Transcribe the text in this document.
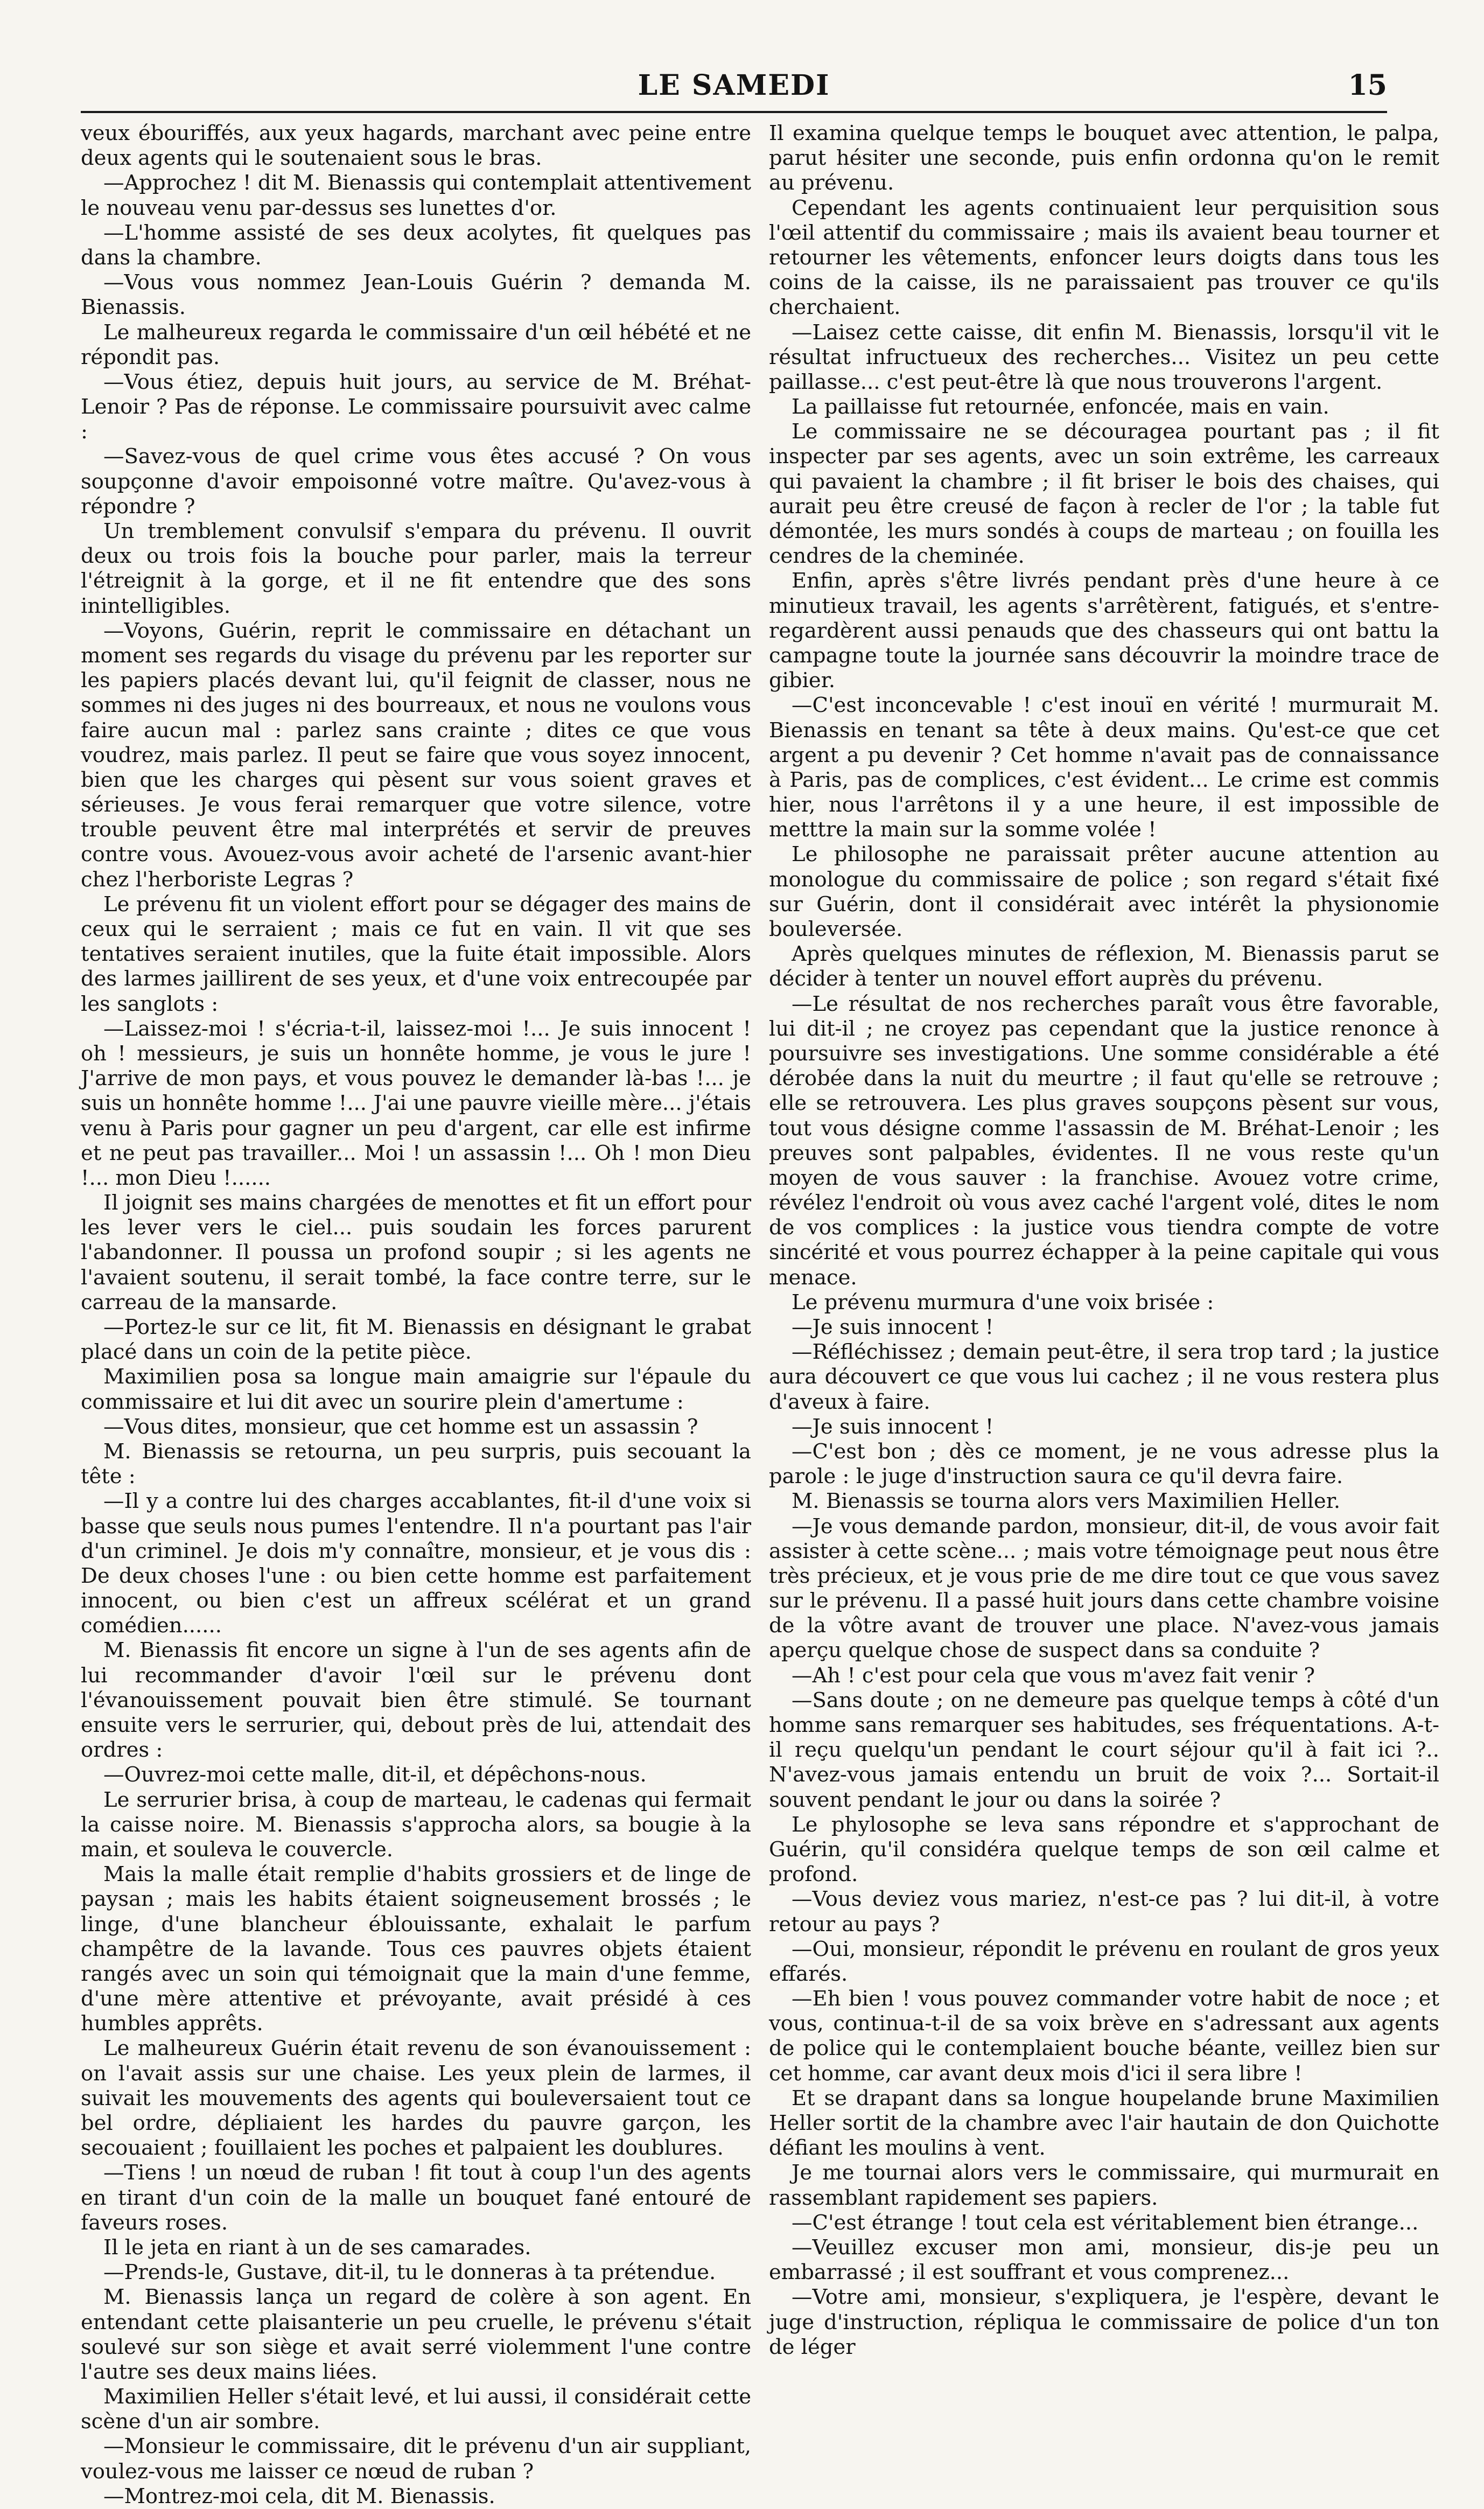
LE SAMEDI	15

veux ébouriffés, aux yeux hagards, marchant avec peine entre deux agents qui le soutenaient sous le bras.

—Approchez ! dit M. Bienassis qui contemplait attentivement le nouveau venu par-dessus ses lunettes d'or.

—L'homme assisté de ses deux acolytes, fit quelques pas dans la chambre.

—Vous vous nommez Jean-Louis Guérin ? demanda M. Bienassis.

Le malheureux regarda le commissaire d'un œil hébété et ne répondit pas.

—Vous étiez, depuis huit jours, au service de M. Bréhat-Lenoir ? Pas de réponse. Le commissaire poursuivit avec calme :

—Savez-vous de quel crime vous êtes accusé ? On vous soupçonne d'avoir empoisonné votre maître. Qu'avez-vous à répondre ?

Un tremblement convulsif s'empara du prévenu. Il ouvrit deux ou trois fois la bouche pour parler, mais la terreur l'étreignit à la gorge, et il ne fit entendre que des sons inintelligibles.

—Voyons, Guérin, reprit le commissaire en détachant un moment ses regards du visage du prévenu par les reporter sur les papiers placés devant lui, qu'il feignit de classer, nous ne sommes ni des juges ni des bourreaux, et nous ne voulons vous faire aucun mal : parlez sans crainte ; dites ce que vous voudrez, mais parlez. Il peut se faire que vous soyez innocent, bien que les charges qui pèsent sur vous soient graves et sérieuses. Je vous ferai remarquer que votre silence, votre trouble peuvent être mal interprétés et servir de preuves contre vous. Avouez-vous avoir acheté de l'arsenic avant-hier chez l'herboriste Legras ?

Le prévenu fit un violent effort pour se dégager des mains de ceux qui le serraient ; mais ce fut en vain. Il vit que ses tentatives seraient inutiles, que la fuite était impossible. Alors des larmes jaillirent de ses yeux, et d'une voix entrecoupée par les sanglots :

—Laissez-moi ! s'écria-t-il, laissez-moi !... Je suis innocent ! oh ! messieurs, je suis un honnête homme, je vous le jure ! J'arrive de mon pays, et vous pouvez le demander là-bas !... je suis un honnête homme !... J'ai une pauvre vieille mère... j'étais venu à Paris pour gagner un peu d'argent, car elle est infirme et ne peut pas travailler... Moi ! un assassin !... Oh ! mon Dieu !... mon Dieu !......

Il joignit ses mains chargées de menottes et fit un effort pour les lever vers le ciel... puis soudain les forces parurent l'abandonner. Il poussa un profond soupir ; si les agents ne l'avaient soutenu, il serait tombé, la face contre terre, sur le carreau de la mansarde.

—Portez-le sur ce lit, fit M. Bienassis en désignant le grabat placé dans un coin de la petite pièce.

Maximilien posa sa longue main amaigrie sur l'épaule du commissaire et lui dit avec un sourire plein d'amertume :

—Vous dites, monsieur, que cet homme est un assassin ?

M. Bienassis se retourna, un peu surpris, puis secouant la tête :

—Il y a contre lui des charges accablantes, fit-il d'une voix si basse que seuls nous pumes l'entendre. Il n'a pourtant pas l'air d'un criminel. Je dois m'y connaître, monsieur, et je vous dis : De deux choses l'une : ou bien cette homme est parfaitement innocent, ou bien c'est un affreux scélérat et un grand comédien......

M. Bienassis fit encore un signe à l'un de ses agents afin de lui recommander d'avoir l'œil sur le prévenu dont l'évanouissement pouvait bien être stimulé. Se tournant ensuite vers le serrurier, qui, debout près de lui, attendait des ordres :

—Ouvrez-moi cette malle, dit-il, et dépêchons-nous.

Le serrurier brisa, à coup de marteau, le cadenas qui fermait la caisse noire. M. Bienassis s'approcha alors, sa bougie à la main, et souleva le couvercle.

Mais la malle était remplie d'habits grossiers et de linge de paysan ; mais les habits étaient soigneusement brossés ; le linge, d'une blancheur éblouissante, exhalait le parfum champêtre de la lavande. Tous ces pauvres objets étaient rangés avec un soin qui témoignait que la main d'une femme, d'une mère attentive et prévoyante, avait présidé à ces humbles apprêts.

Le malheureux Guérin était revenu de son évanouissement : on l'avait assis sur une chaise. Les yeux plein de larmes, il suivait les mouvements des agents qui bouleversaient tout ce bel ordre, dépliaient les hardes du pauvre garçon, les secouaient ; fouillaient les poches et palpaient les doublures.

—Tiens ! un nœud de ruban ! fit tout à coup l'un des agents en tirant d'un coin de la malle un bouquet fané entouré de faveurs roses.

Il le jeta en riant à un de ses camarades.

—Prends-le, Gustave, dit-il, tu le donneras à ta prétendue.

M. Bienassis lança un regard de colère à son agent. En entendant cette plaisanterie un peu cruelle, le prévenu s'était soulevé sur son siège et avait serré violemment l'une contre l'autre ses deux mains liées.

Maximilien Heller s'était levé, et lui aussi, il considérait cette scène d'un air sombre.

—Monsieur le commissaire, dit le prévenu d'un air suppliant, voulez-vous me laisser ce nœud de ruban ?

—Montrez-moi cela, dit M. Bienassis.

Il examina quelque temps le bouquet avec attention, le palpa, parut hésiter une seconde, puis enfin ordonna qu'on le remit au prévenu.

Cependant les agents continuaient leur perquisition sous l'œil attentif du commissaire ; mais ils avaient beau tourner et retourner les vêtements, enfoncer leurs doigts dans tous les coins de la caisse, ils ne paraissaient pas trouver ce qu'ils cherchaient.

—Laisez cette caisse, dit enfin M. Bienassis, lorsqu'il vit le résultat infructueux des recherches... Visitez un peu cette paillasse... c'est peut-être là que nous trouverons l'argent.

La paillaisse fut retournée, enfoncée, mais en vain.

Le commissaire ne se découragea pourtant pas ; il fit inspecter par ses agents, avec un soin extrême, les carreaux qui pavaient la chambre ; il fit briser le bois des chaises, qui aurait peu être creusé de façon à recler de l'or ; la table fut démontée, les murs sondés à coups de marteau ; on fouilla les cendres de la cheminée.

Enfin, après s'être livrés pendant près d'une heure à ce minutieux travail, les agents s'arrêtèrent, fatigués, et s'entre-regardèrent aussi penauds que des chasseurs qui ont battu la campagne toute la journée sans découvrir la moindre trace de gibier.

—C'est inconcevable ! c'est inouï en vérité ! murmurait M. Bienassis en tenant sa tête à deux mains. Qu'est-ce que cet argent a pu devenir ? Cet homme n'avait pas de connaissance à Paris, pas de complices, c'est évident... Le crime est commis hier, nous l'arrêtons il y a une heure, il est impossible de metttre la main sur la somme volée !

Le philosophe ne paraissait prêter aucune attention au monologue du commissaire de police ; son regard s'était fixé sur Guérin, dont il considérait avec intérêt la physionomie bouleversée.

Après quelques minutes de réflexion, M. Bienassis parut se décider à tenter un nouvel effort auprès du prévenu.

—Le résultat de nos recherches paraît vous être favorable, lui dit-il ; ne croyez pas cependant que la justice renonce à poursuivre ses investigations. Une somme considérable a été dérobée dans la nuit du meurtre ; il faut qu'elle se retrouve ; elle se retrouvera. Les plus graves soupçons pèsent sur vous, tout vous désigne comme l'assassin de M. Bréhat-Lenoir ; les preuves sont palpables, évidentes. Il ne vous reste qu'un moyen de vous sauver : la franchise. Avouez votre crime, révélez l'endroit où vous avez caché l'argent volé, dites le nom de vos complices : la justice vous tiendra compte de votre sincérité et vous pourrez échapper à la peine capitale qui vous menace.

Le prévenu murmura d'une voix brisée :

—Je suis innocent !

—Réfléchissez ; demain peut-être, il sera trop tard ; la justice aura découvert ce que vous lui cachez ; il ne vous restera plus d'aveux à faire.

—Je suis innocent !

—C'est bon ; dès ce moment, je ne vous adresse plus la parole : le juge d'instruction saura ce qu'il devra faire.

M. Bienassis se tourna alors vers Maximilien Heller.

—Je vous demande pardon, monsieur, dit-il, de vous avoir fait assister à cette scène... ; mais votre témoignage peut nous être très précieux, et je vous prie de me dire tout ce que vous savez sur le prévenu. Il a passé huit jours dans cette chambre voisine de la vôtre avant de trouver une place. N'avez-vous jamais aperçu quelque chose de suspect dans sa conduite ?

—Ah ! c'est pour cela que vous m'avez fait venir ?

—Sans doute ; on ne demeure pas quelque temps à côté d'un homme sans remarquer ses habitudes, ses fréquentations. A-t-il reçu quelqu'un pendant le court séjour qu'il à fait ici ?.. N'avez-vous jamais entendu un bruit de voix ?... Sortait-il souvent pendant le jour ou dans la soirée ?

Le phylosophe se leva sans répondre et s'approchant de Guérin, qu'il considéra quelque temps de son œil calme et profond.

—Vous deviez vous mariez, n'est-ce pas ? lui dit-il, à votre retour au pays ?

—Oui, monsieur, répondit le prévenu en roulant de gros yeux effarés.

—Eh bien ! vous pouvez commander votre habit de noce ; et vous, continua-t-il de sa voix brève en s'adressant aux agents de police qui le contemplaient bouche béante, veillez bien sur cet homme, car avant deux mois d'ici il sera libre !

Et se drapant dans sa longue houpelande brune Maximilien Heller sortit de la chambre avec l'air hautain de don Quichotte défiant les moulins à vent.

Je me tournai alors vers le commissaire, qui murmurait en rassemblant rapidement ses papiers.

—C'est étrange ! tout cela est véritablement bien étrange...

—Veuillez excuser mon ami, monsieur, dis-je peu un embarrassé ; il est souffrant et vous comprenez...

—Votre ami, monsieur, s'expliquera, je l'espère, devant le juge d'instruction, répliqua le commissaire de police d'un ton de léger
